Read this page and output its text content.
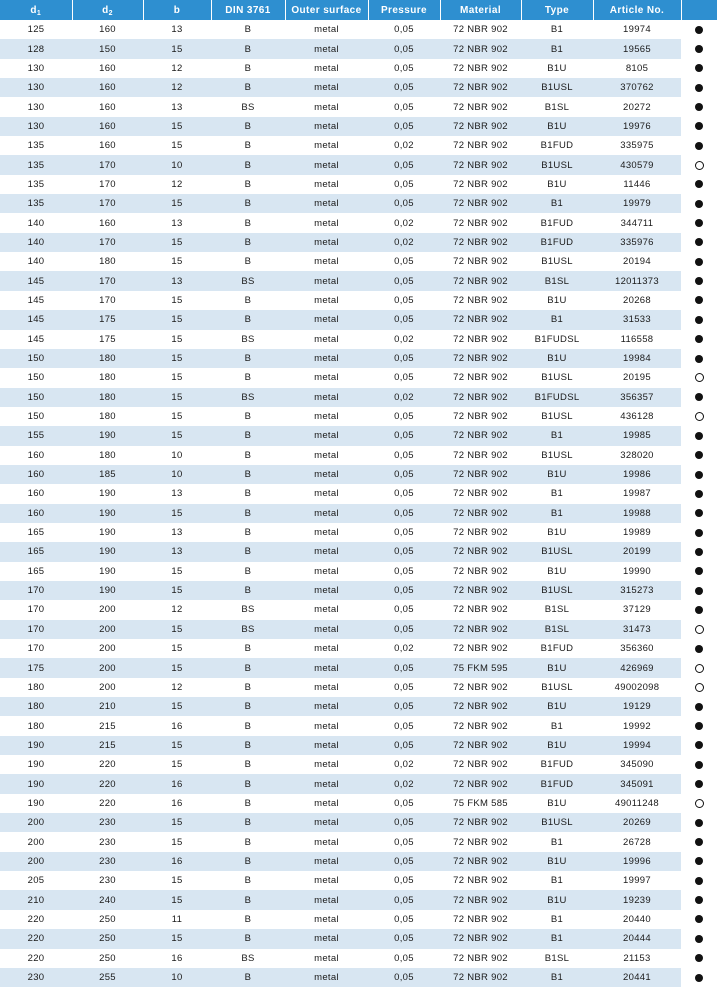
$d_1$	$d_2$	b	DIN 3761	Outer surface	Pressure	Material	Type	Article No.	
125	160	13	B	metal	0,05	72 NBR 902	B1	19974	
128	150	15	B	metal	0,05	72 NBR 902	B1	19565	
130	160	12	B	metal	0,05	72 NBR 902	B1U	8105	
130	160	12	B	metal	0,05	72 NBR 902	B1USL	370762	
130	160	13	BS	metal	0,05	72 NBR 902	B1SL	20272	
130	160	15	B	metal	0,05	72 NBR 902	B1U	19976	
135	160	15	B	metal	0,02	72 NBR 902	B1FUD	335975	
135	170	10	B	metal	0,05	72 NBR 902	B1USL	430579	
135	170	12	B	metal	0,05	72 NBR 902	B1U	11446	
135	170	15	B	metal	0,05	72 NBR 902	B1	19979	
140	160	13	B	metal	0,02	72 NBR 902	B1FUD	344711	
140	170	15	B	metal	0,02	72 NBR 902	B1FUD	335976	
140	180	15	B	metal	0,05	72 NBR 902	B1USL	20194	
145	170	13	BS	metal	0,05	72 NBR 902	B1SL	12011373	
145	170	15	B	metal	0,05	72 NBR 902	B1U	20268	
145	175	15	B	metal	0,05	72 NBR 902	B1	31533	
145	175	15	BS	metal	0,02	72 NBR 902	B1FUDSL	116558	
150	180	15	B	metal	0,05	72 NBR 902	B1U	19984	
150	180	15	B	metal	0,05	72 NBR 902	B1USL	20195	
150	180	15	BS	metal	0,02	72 NBR 902	B1FUDSL	356357	
150	180	15	B	metal	0,05	72 NBR 902	B1USL	436128	
155	190	15	B	metal	0,05	72 NBR 902	B1	19985	
160	180	10	B	metal	0,05	72 NBR 902	B1USL	328020	
160	185	10	B	metal	0,05	72 NBR 902	B1U	19986	
160	190	13	B	metal	0,05	72 NBR 902	B1	19987	
160	190	15	B	metal	0,05	72 NBR 902	B1	19988	
165	190	13	B	metal	0,05	72 NBR 902	B1U	19989	
165	190	13	B	metal	0,05	72 NBR 902	B1USL	20199	
165	190	15	B	metal	0,05	72 NBR 902	B1U	19990	
170	190	15	B	metal	0,05	72 NBR 902	B1USL	315273	
170	200	12	BS	metal	0,05	72 NBR 902	B1SL	37129	
170	200	15	BS	metal	0,05	72 NBR 902	B1SL	31473	
170	200	15	B	metal	0,02	72 NBR 902	B1FUD	356360	
175	200	15	B	metal	0,05	75 FKM 595	B1U	426969	
180	200	12	B	metal	0,05	72 NBR 902	B1USL	49002098	
180	210	15	B	metal	0,05	72 NBR 902	B1U	19129	
180	215	16	B	metal	0,05	72 NBR 902	B1	19992	
190	215	15	B	metal	0,05	72 NBR 902	B1U	19994	
190	220	15	B	metal	0,02	72 NBR 902	B1FUD	345090	
190	220	16	B	metal	0,02	72 NBR 902	B1FUD	345091	
190	220	16	B	metal	0,05	75 FKM 585	B1U	49011248	
200	230	15	B	metal	0,05	72 NBR 902	B1USL	20269	
200	230	15	B	metal	0,05	72 NBR 902	B1	26728	
200	230	16	B	metal	0,05	72 NBR 902	B1U	19996	
205	230	15	B	metal	0,05	72 NBR 902	B1	19997	
210	240	15	B	metal	0,05	72 NBR 902	B1U	19239	
220	250	11	B	metal	0,05	72 NBR 902	B1	20440	
220	250	15	B	metal	0,05	72 NBR 902	B1	20444	
220	250	16	BS	metal	0,05	72 NBR 902	B1SL	21153	
230	255	10	B	metal	0,05	72 NBR 902	B1	20441	
